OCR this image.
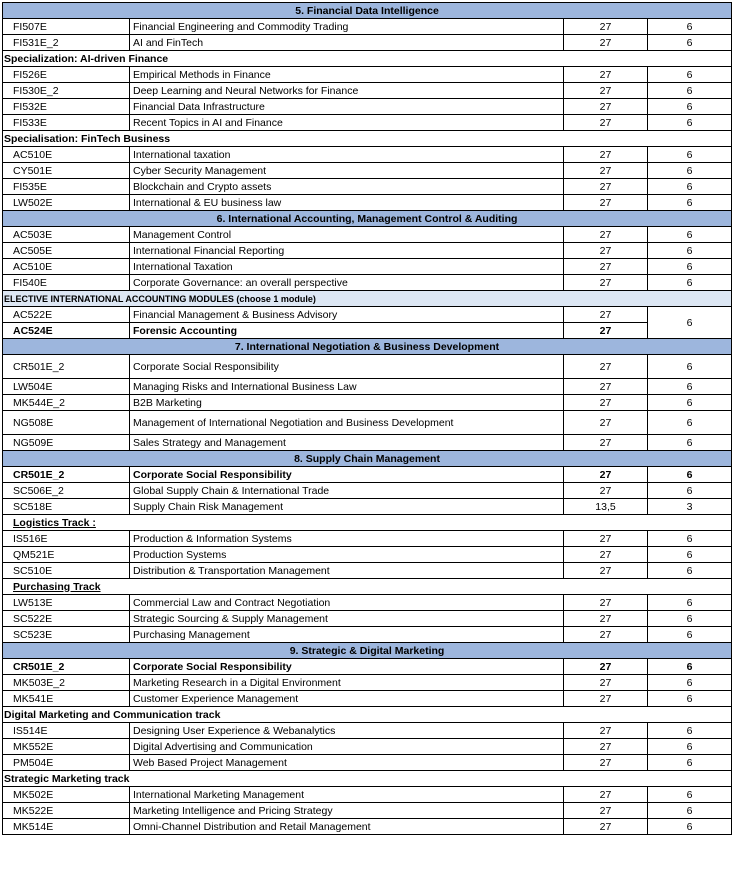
5. Financial Data Intelligence			
FI507E	Financial Engineering and Commodity Trading	27	6
FI531E_2	AI and FinTech	27	6
Specialization: AI-driven Finance			
FI526E	Empirical Methods in Finance	27	6
FI530E_2	Deep Learning and Neural Networks for Finance	27	6
FI532E	Financial Data Infrastructure	27	6
FI533E	Recent Topics in AI and Finance	27	6
Specialisation: FinTech Business			
AC510E	International taxation	27	6
CY501E	Cyber Security Management	27	6
FI535E	Blockchain and Crypto assets	27	6
LW502E	International & EU business law	27	6
6. International Accounting, Management Control & Auditing			
AC503E	Management Control	27	6
AC505E	International Financial Reporting	27	6
AC510E	International Taxation	27	6
FI540E	Corporate Governance: an overall perspective	27	6
ELECTIVE INTERNATIONAL ACCOUNTING MODULES (choose 1 module)			
AC522E	Financial Management & Business Advisory	27	6
AC524E	Forensic Accounting	27	
7. International Negotiation & Business Development			
CR501E_2	Corporate Social Responsibility	27	6
LW504E	Managing Risks and International Business Law	27	6
MK544E_2	B2B Marketing	27	6
NG508E	Management of International Negotiation and Business Development	27	6
NG509E	Sales Strategy and Management	27	6
8. Supply Chain Management			
CR501E_2	Corporate Social Responsibility	27	6
SC506E_2	Global Supply Chain & International Trade	27	6
SC518E	Supply Chain Risk Management	13,5	3
Logistics Track :			
IS516E	Production & Information Systems	27	6
QM521E	Production Systems	27	6
SC510E	Distribution & Transportation Management	27	6
Purchasing Track			
LW513E	Commercial Law and Contract Negotiation	27	6
SC522E	Strategic Sourcing & Supply Management	27	6
SC523E	Purchasing Management	27	6
9. Strategic & Digital Marketing			
CR501E_2	Corporate Social Responsibility	27	6
MK503E_2	Marketing Research in a Digital Environment	27	6
MK541E	Customer Experience Management	27	6
Digital Marketing and Communication track			
IS514E	Designing User Experience & Webanalytics	27	6
MK552E	Digital Advertising and Communication	27	6
PM504E	Web Based Project Management	27	6
Strategic Marketing track			
MK502E	International Marketing Management	27	6
MK522E	Marketing Intelligence and Pricing Strategy	27	6
MK514E	Omni-Channel Distribution and Retail Management	27	6
